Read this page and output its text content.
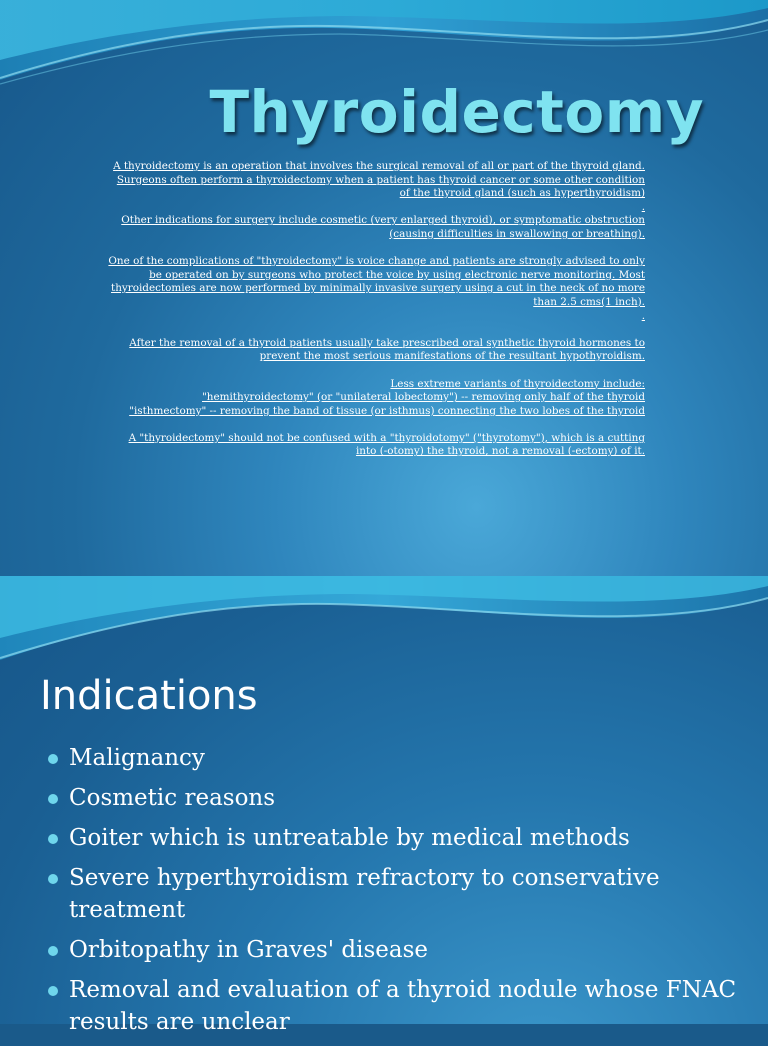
Thyroidectomy

A thyroidectomy is an operation that involves the surgical removal of all or part of the thyroid gland. Surgeons often perform a thyroidectomy when a patient has thyroid cancer or some other condition of the thyroid gland (such as hyperthyroidism)

.

Other indications for surgery include cosmetic (very enlarged thyroid), or symptomatic obstruction (causing difficulties in swallowing or breathing).

One of the complications of "thyroidectomy" is voice change and patients are strongly advised to only be operated on by surgeons who protect the voice by using electronic nerve monitoring. Most thyroidectomies are now performed by minimally invasive surgery using a cut in the neck of no more than 2.5 cms(1 inch).

.

After the removal of a thyroid patients usually take prescribed oral synthetic thyroid hormones to prevent the most serious manifestations of the resultant hypothyroidism.

Less extreme variants of thyroidectomy include:

"hemithyroidectomy" (or "unilateral lobectomy") -- removing only half of the thyroid

"isthmectomy" -- removing the band of tissue (or isthmus) connecting the two lobes of the thyroid

A "thyroidectomy" should not be confused with a "thyroidotomy" ("thyrotomy"), which is a cutting into (-otomy) the thyroid, not a removal (-ectomy) of it.

Indications
Malignancy
Cosmetic reasons
Goiter which is untreatable by medical methods
Severe hyperthyroidism refractory to conservative treatment
Orbitopathy in Graves' disease
Removal and evaluation of a thyroid nodule whose FNAC results are unclear
